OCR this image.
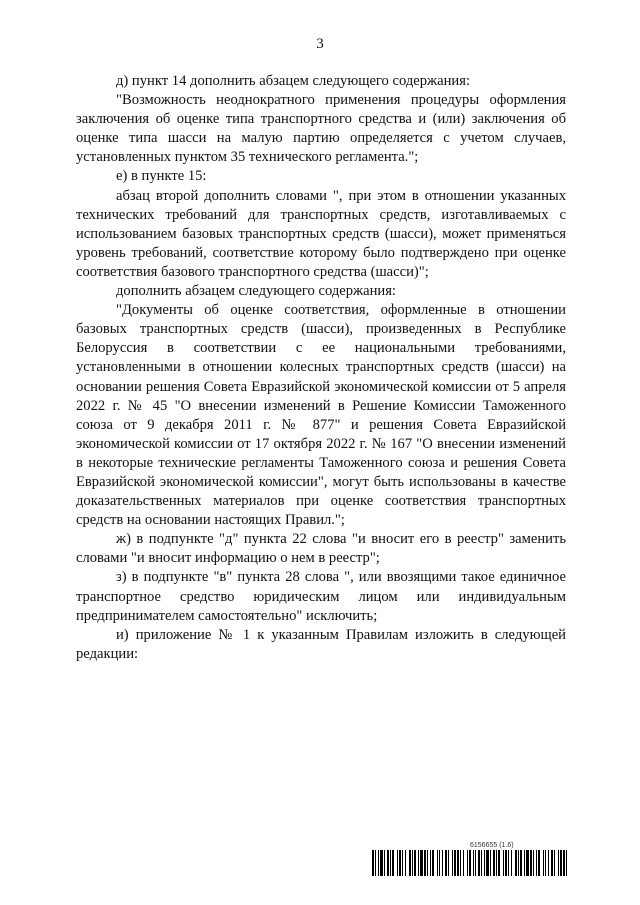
3

д) пункт 14 дополнить абзацем следующего содержания:

"Возможность неоднократного применения процедуры оформления заключения об оценке типа транспортного средства и (или) заключения об оценке типа шасси на малую партию определяется с учетом случаев, установленных пунктом 35 технического регламента.";

е) в пункте 15:

абзац второй дополнить словами ", при этом в отношении указанных технических требований для транспортных средств, изготавливаемых с использованием базовых транспортных средств (шасси), может применяться уровень требований, соответствие которому было подтверждено при оценке соответствия базового транспортного средства (шасси)";

дополнить абзацем следующего содержания:

"Документы об оценке соответствия, оформленные в отношении базовых транспортных средств (шасси), произведенных в Республике Белоруссия в соответствии с ее национальными требованиями, установленными в отношении колесных транспортных средств (шасси) на основании решения Совета Евразийской экономической комиссии от 5 апреля 2022 г. № 45 "О внесении изменений в Решение Комиссии Таможенного союза от 9 декабря 2011 г. № 877" и решения Совета Евразийской экономической комиссии от 17 октября 2022 г. № 167 "О внесении изменений в некоторые технические регламенты Таможенного союза и решения Совета Евразийской экономической комиссии", могут быть использованы в качестве доказательственных материалов при оценке соответствия транспортных средств на основании настоящих Правил.";

ж) в подпункте "д" пункта 22 слова "и вносит его в реестр" заменить словами "и вносит информацию о нем в реестр";

з) в подпункте "в" пункта 28 слова ", или ввозящими такое единичное транспортное средство юридическим лицом или индивидуальным предпринимателем самостоятельно" исключить;

и) приложение № 1 к указанным Правилам изложить в следующей редакции:

6156655 (1.6)
